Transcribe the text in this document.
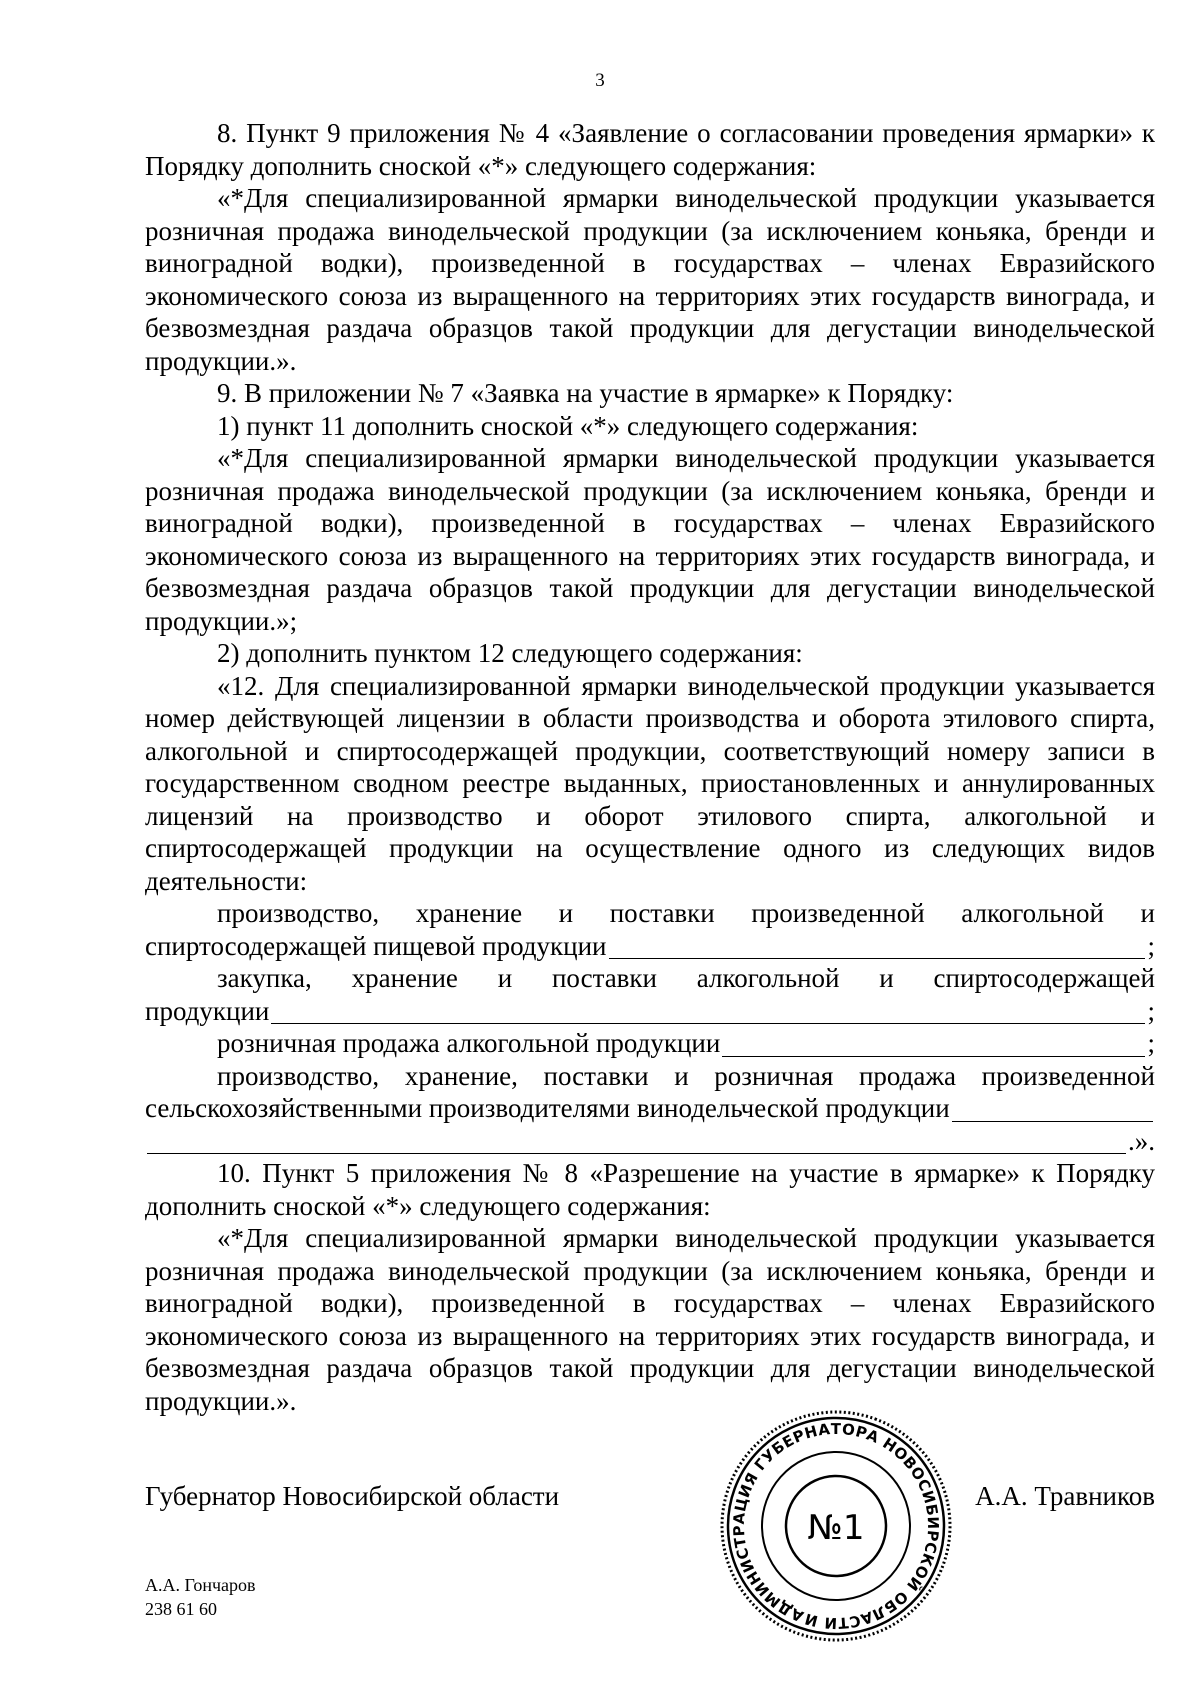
3

8. Пункт 9 приложения № 4 «Заявление о согласовании проведения ярмарки» к Порядку дополнить сноской «*» следующего содержания:

«*Для специализированной ярмарки винодельческой продукции указывается розничная продажа винодельческой продукции (за исключением коньяка, бренди и виноградной водки), произведенной в государствах – членах Евразийского экономического союза из выращенного на территориях этих государств винограда, и безвозмездная раздача образцов такой продукции для дегустации винодельческой продукции.».

9. В приложении № 7 «Заявка на участие в ярмарке» к Порядку:

1) пункт 11 дополнить сноской «*» следующего содержания:

«*Для специализированной ярмарки винодельческой продукции указывается розничная продажа винодельческой продукции (за исключением коньяка, бренди и виноградной водки), произведенной в государствах – членах Евразийского экономического союза из выращенного на территориях этих государств винограда, и безвозмездная раздача образцов такой продукции для дегустации винодельческой продукции.»;

2) дополнить пунктом 12 следующего содержания:

«12. Для специализированной ярмарки винодельческой продукции указывается номер действующей лицензии в области производства и оборота этилового спирта, алкогольной и спиртосодержащей продукции, соответствующий номеру записи в государственном сводном реестре выданных, приостановленных и аннулированных лицензий на производство и оборот этилового спирта, алкогольной и спиртосодержащей продукции на осуществление одного из следующих видов деятельности:

производство, хранение и поставки произведенной алкогольной и

спиртосодержащей пищевой продукции	;

закупка, хранение и поставки алкогольной и спиртосодержащей

продукции	;
розничная продажа алкогольной продукции	;

производство, хранение, поставки и розничная продажа произведенной

сельскохозяйственными производителями винодельческой продукции
.».

10. Пункт 5 приложения № 8 «Разрешение на участие в ярмарке» к Порядку дополнить сноской «*» следующего содержания:

«*Для специализированной ярмарки винодельческой продукции указывается розничная продажа винодельческой продукции (за исключением коньяка, бренди и виноградной водки), произведенной в государствах – членах Евразийского экономического союза из выращенного на территориях этих государств винограда, и безвозмездная раздача образцов такой продукции для дегустации винодельческой продукции.».

Губернатор Новосибирской области	А.А. Травников
АДМИНИСТРАЦИЯ ГУБЕРНАТОРА НОВОСИБИРСКОЙ ОБЛАСТИ И
№1
А.А. Гончаров
238 61 60
